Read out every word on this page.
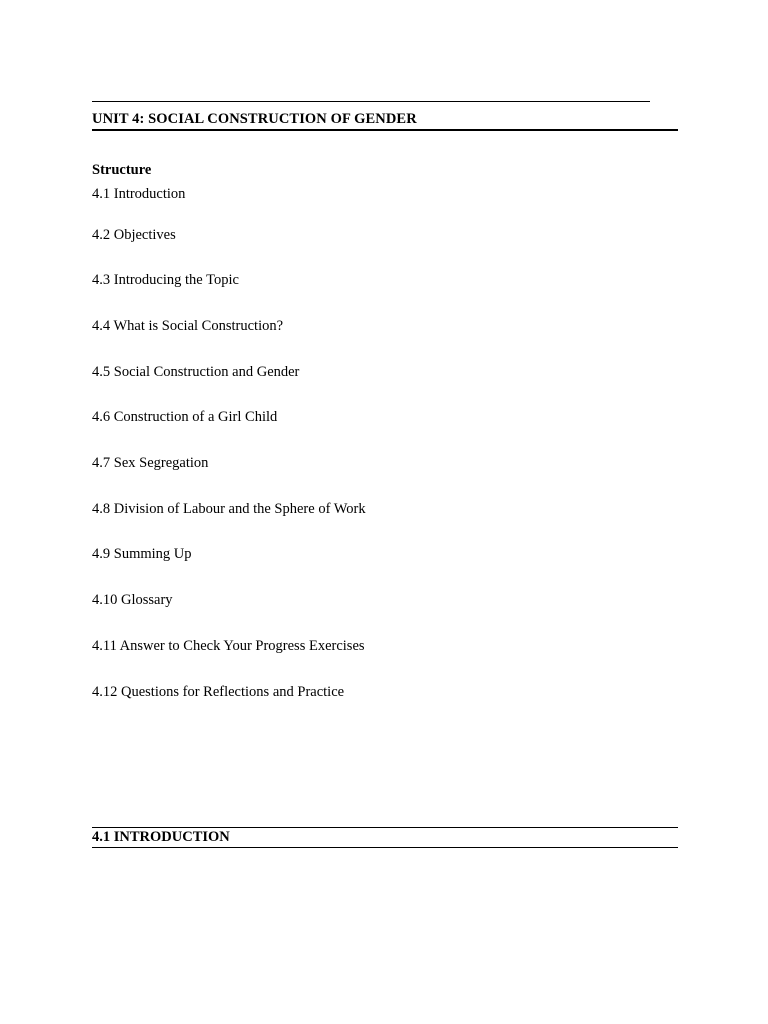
UNIT 4: SOCIAL CONSTRUCTION OF GENDER
Structure
4.1 Introduction
4.2 Objectives
4.3 Introducing the Topic
4.4 What is Social Construction?
4.5 Social Construction and Gender
4.6 Construction of a Girl Child
4.7 Sex Segregation
4.8 Division of Labour and the Sphere of Work
4.9 Summing Up
4.10 Glossary
4.11 Answer to Check Your Progress Exercises
4.12 Questions for Reflections and Practice
4.1 INTRODUCTION
